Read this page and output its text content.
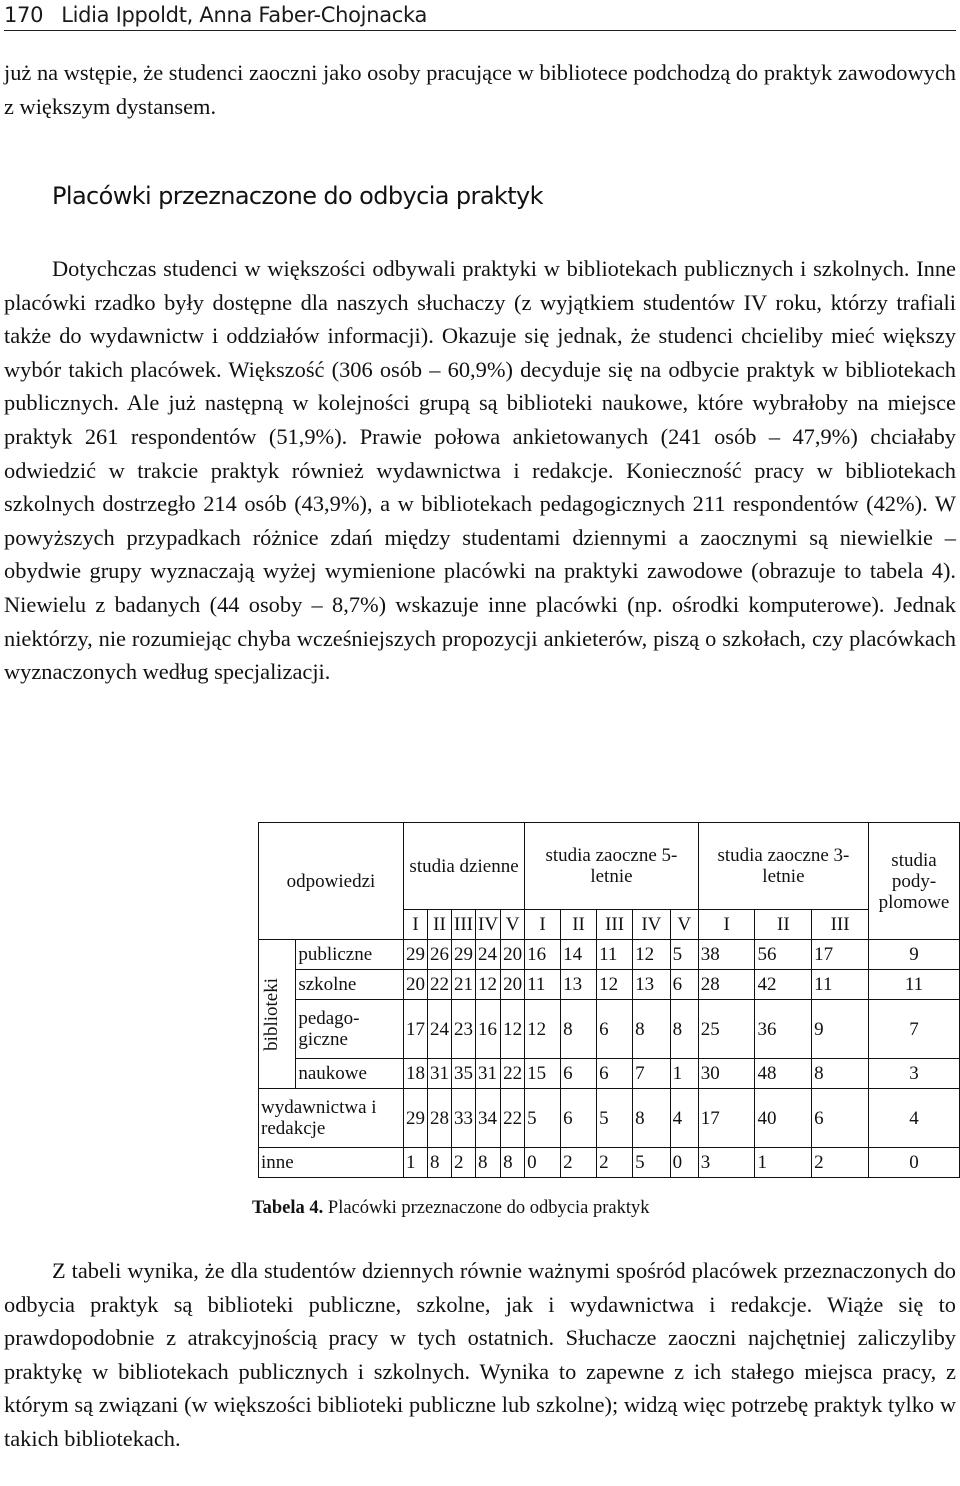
170 Lidia Ippoldt, Anna Faber-Chojnacka

już na wstępie, że studenci zaoczni jako osoby pracujące w bibliotece podchodzą do praktyk zawodowych z większym dystansem.

Placówki przeznaczone do odbycia praktyk

Dotychczas studenci w większości odbywali praktyki w bibliotekach publicznych i szkolnych. Inne placówki rzadko były dostępne dla naszych słuchaczy (z wyjątkiem studentów IV roku, którzy trafiali także do wydawnictw i oddziałów informacji). Okazuje się jednak, że studenci chcieliby mieć większy wybór takich placówek. Większość (306 osób – 60,9%) decyduje się na odbycie praktyk w bibliotekach publicznych. Ale już następną w kolejności grupą są biblioteki naukowe, które wybrałoby na miejsce praktyk 261 respondentów (51,9%). Prawie połowa ankietowanych (241 osób – 47,9%) chciałaby odwiedzić w trakcie praktyk również wydawnictwa i redakcje. Konieczność pracy w bibliotekach szkolnych dostrzegło 214 osób (43,9%), a w bibliotekach pedagogicznych 211 respondentów (42%). W powyższych przypadkach różnice zdań między studentami dziennymi a zaocznymi są niewielkie – obydwie grupy wyznaczają wyżej wymienione placówki na praktyki zawodowe (obrazuje to tabela 4). Niewielu z badanych (44 osoby – 8,7%) wskazuje inne placówki (np. ośrodki komputerowe). Jednak niektórzy, nie rozumiejąc chyba wcześniejszych propozycji ankieterów, piszą o szkołach, czy placówkach wyznaczonych według specjalizacji.

odpowiedzi		studia dzienne					studia zaoczne 5-letnie					studia zaoczne 3-letnie			studia pody-plomowe
		I	II	III	IV	V	I	II	III	IV	V	I	II	III	

biblioteki	publiczne	29	26	29	24	20	16	14	11	12	5	38	56	17	9
	szkolne	20	22	21	12	20	11	13	12	13	6	28	42	11	11
	pedago-giczne	17	24	23	16	12	12	8	6	8	8	25	36	9	7
	naukowe	18	31	35	31	22	15	6	6	7	1	30	48	8	3
wydawnictwa i redakcje		29	28	33	34	22	5	6	5	8	4	17	40	6	4
inne		1	8	2	8	8	0	2	2	5	0	3	1	2	0
Tabela 4. Placówki przeznaczone do odbycia praktyk

Z tabeli wynika, że dla studentów dziennych równie ważnymi spośród placówek przeznaczonych do odbycia praktyk są biblioteki publiczne, szkolne, jak i wydawnictwa i redakcje. Wiąże się to prawdopodobnie z atrakcyjnością pracy w tych ostatnich. Słuchacze zaoczni najchętniej zaliczyliby praktykę w bibliotekach publicznych i szkolnych. Wynika to zapewne z ich stałego miejsca pracy, z którym są związani (w większości biblioteki publiczne lub szkolne); widzą więc potrzebę praktyk tylko w takich bibliotekach.
